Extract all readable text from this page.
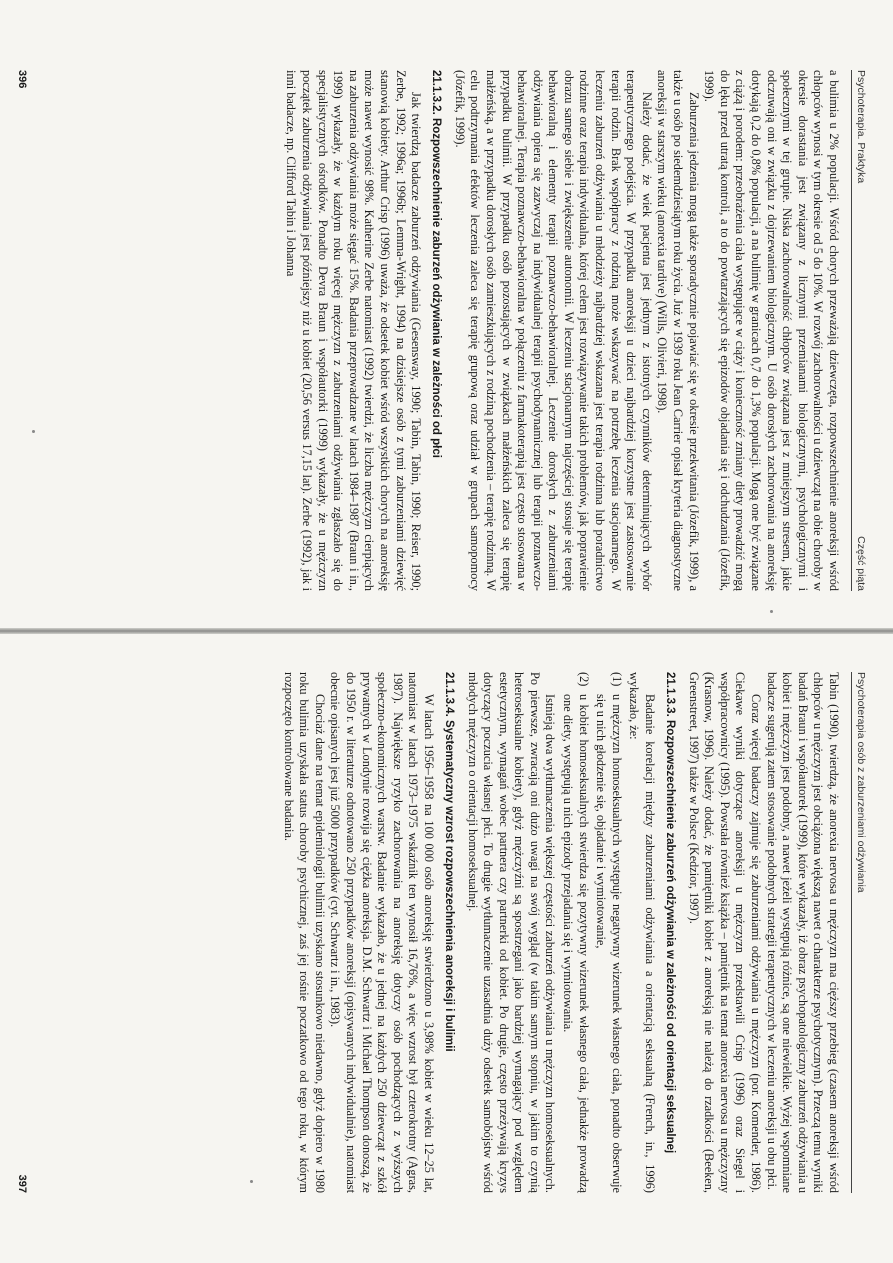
Psychoterapia. Praktyka
Część piąta

a bulimia u 2% populacji. Wśród chorych przeważają dziewczęta, rozpowszechnienie anoreksji wśród chłopców wynosi w tym okresie od 5 do 10%. W rozwój zachorowalności u dziewcząt na obie choroby w okresie dorastania jest związany z licznymi przemianami biologicznymi, psychologicznymi i społecznymi w tej grupie. Niska zachorowalność chłopców związana jest z mniejszym stresem, jakie odczuwają oni w związku z dojrzewaniem biologicznym. U osób dorosłych zachorowania na anoreksję dotykają 0,2 do 0,8% populacji, a na bulimię w granicach 0,7 do 1,3% populacji. Mogą one być związane z ciążą i porodem: przeobrażenia ciała występujące w ciąży i konieczność zmiany diety prowadzić mogą do lęku przed utratą kontroli, a to do powtarzających się epizodów objadania się i odchudzania (Józefik, 1999).

Zaburzenia jedzenia mogą także sporadycznie pojawiać się w okresie przekwitania (Józefik, 1999), a także u osób po siedemdziesiątym roku życia. Już w 1939 roku Jean Carrier opisał kryteria diagnostyczne anoreksji w starszym wieku (anorexia tardive) (Wills, Olivieri, 1998).

Należy dodać, że wiek pacjenta jest jednym z istotnych czynników determinujących wybór terapeutycznego podejścia. W przypadku anoreksji u dzieci najbardziej korzystne jest zastosowanie terapii rodzin. Brak współpracy z rodziną może wskazywać na potrzebę leczenia stacjonarnego. W leczeniu zaburzeń odżywiania u młodzieży najbardziej wskazana jest terapia rodzinna lub poradnictwo rodzinne oraz terapia indywidualna, której celem jest rozwiązywanie takich problemów, jak poprawienie obrazu samego siebie i zwiększenie autonomii. W leczeniu stacjonarnym najczęściej stosuje się terapię behawioralną i elementy terapii poznawczo-behawioralnej. Leczenie dorosłych z zaburzeniami odżywiania opiera się zazwyczaj na indywidualnej terapii psychodynamicznej lub terapii poznawczo-behawioralnej. Terapia poznawczo-behawioralna w połączeniu z farmakoterapią jest często stosowana w przypadku bulimii. W przypadku osób pozostających w związkach małżeńskich zaleca się terapię małżeńską, a w przypadku dorosłych osób zamieszkujących z rodziną pochodzenia – terapię rodzinną. W celu podtrzymania efektów leczenia zaleca się terapię grupową oraz udział w grupach samopomocy (Józefik, 1999).

21.1.3.2. Rozpowszechnienie zaburzeń odżywiania w zależności od płci

Jak twierdzą badacze zaburzeń odżywiania (Gesensway, 1990; Tabin, Tabin, 1990; Reiser, 1990; Zerbe, 1992; 1996a; 1996b; Lemma-Wright, 1994) na dzisiejsze osób z tymi zaburzeniami dziewięć stanowią kobiety. Arthur Crisp (1996) uważa, że odsetek kobiet wśród wszystkich chorych na anoreksję może nawet wynosić 98%. Katherine Zerbe natomiast (1992) twierdzi, że liczba mężczyzn cierpiących na zaburzenia odżywiania może sięgać 15%. Badania przeprowadzane w latach 1984–1987 (Braun i in., 1999) wykazały, że w każdym roku więcej mężczyzn z zaburzeniami odżywiania zgłaszało się do specjalistycznych ośrodków. Ponadto Devra Braun i współautorki (1999) wykazały, że u mężczyzn początek zaburzenia odżywiania jest późniejszy niż u kobiet (20,56 versus 17,15 lat). Zerbe (1992), jak i inni badacze, np. Clifford Tabin i Johanna

396
Psychoterapia osób z zaburzeniami odżywiania

Tabin (1990), twierdzą, że anorexia nervosa u mężczyzn ma cięższy przebieg (czasem anoreksji wśród chłopców u mężczyzn jest obciążona większą nawet o charakterze psychotycznym). Przeczą temu wyniki badań Braun i współautorek (1999), które wykazały, iż obraz psychopatologiczny zaburzeń odżywiania u kobiet i mężczyzn jest podobny, a nawet jeżeli występują różnice, są one niewielkie. Wyżej wspomniane badacze sugerują zatem stosowanie podobnych strategii terapeutycznych w leczeniu anoreksji u obu płci.

Coraz więcej badaczy zajmuje się zaburzeniami odżywiania u mężczyzn (por. Komender, 1986). Ciekawe wyniki dotyczące anoreksji u mężczyzn przedstawili Crisp (1996) oraz Siegel i współpracownicy (1995). Powstała również książka – pamiętnik na temat anorexia nervosa u mężczyzny (Krasnow, 1996). Należy dodać, że pamiętniki kobiet z anoreksją nie należą do rzadkości (Beeken, Greenstreet, 1997) także w Polsce (Kedzior, 1997).

21.1.3.3. Rozpowszechnienie zaburzeń odżywiania w zależności od orientacji seksualnej

Badanie korelacji między zaburzeniami odżywiania a orientacją seksualną (French, in., 1996) wykazało, że:

(1)
u mężczyzn homoseksualnych występuje negatywny wizerunek własnego ciała, ponadto obserwuje się u nich głodzenie się, objadanie i wymiotowanie,
(2)
u kobiet homoseksualnych stwierdza się pozytywny wizerunek własnego ciała, jednakże prowadzą one diety, występują u nich epizody przejadania się i wymiotowania.

Istnieją dwa wytłumaczenia większej częstości zaburzeń odżywiania u mężczyzn homoseksualnych. Po pierwsze, zwracają oni dużo uwagi na swój wygląd (w takim samym stopniu, w jakim to czynią heteroseksualne kobiety), gdyż mężczyźni są spostrzegani jako bardziej wymagający pod względem estetycznym, wymagań wobec partnera czy partnerki od kobiet. Po drugie, często przeżywają kryzys dotyczący poczucia własnej płci. To drugie wytłumaczenie uzasadnia duży odsetek samobójstw wśród młodych mężczyzn o orientacji homoseksualnej.

21.1.3.4. Systematyczny wzrost rozpowszechnienia anoreksji i bulimii

W latach 1956–1958 na 100 000 osób anoreksję stwierdzono u 3,98% kobiet w wieku 12–25 lat, natomiast w latach 1973–1975 wskaźnik ten wynosił 16,76%, a więc wzrost był czterokrotny (Agras, 1987). Największe ryzyko zachorowania na anoreksję dotyczy osób pochodzących z wyższych społeczno-ekonomicznych warstw. Badanie wykazało, że u jednej na każdych 250 dziewcząt z szkół prywatnych w Londynie rozwija się ciężka anoreksja. D.M. Schwartz i Michael Thompson donoszą, że do 1950 r. w literaturze odnotowano 250 przypadków anoreksji (opisywanych indywidualnie), natomiast obecnie opisanych jest już 5000 przypadków (cyt. Schwartz i in., 1983).

Chociaż dane na temat epidemiologii bulimii uzyskano stosunkowo niedawno, gdyż dopiero w 1980 roku bulimia uzyskała status choroby psychicznej, zaś jej rośnie poczatkowo od tego roku, w którym rozpoczęto kontrolowane badania.

397
